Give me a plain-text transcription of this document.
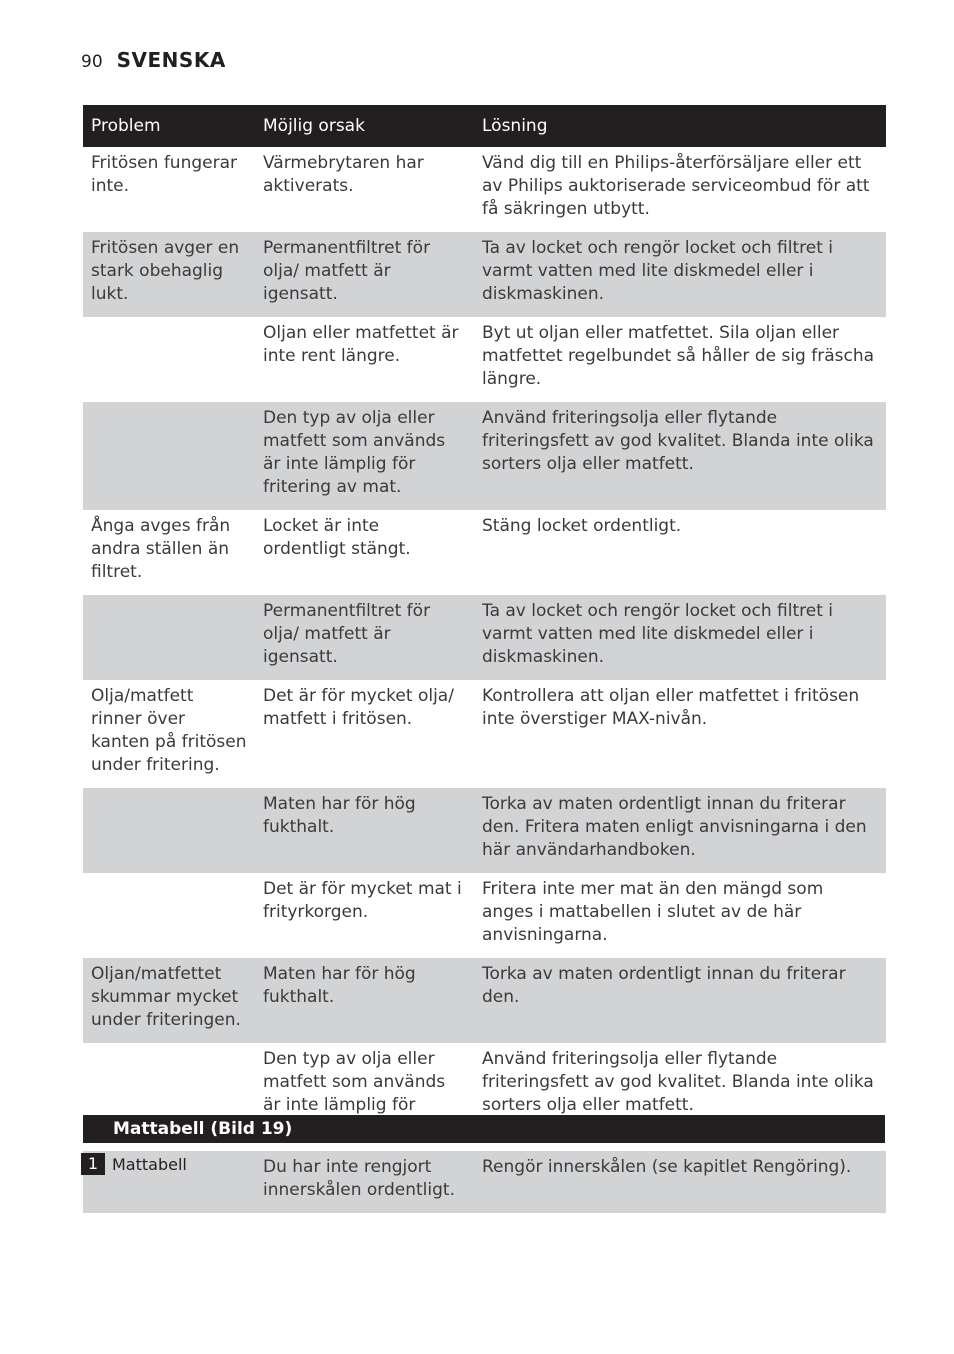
90 SVENSKA
Problem	Möjlig orsak	Lösning
Fritösen fungerar inte.	Värmebrytaren har aktiverats.	Vänd dig till en Philips-återförsäljare eller ett av Philips auktoriserade serviceombud för att få säkringen utbytt.
Fritösen avger en stark obehaglig lukt.	Permanentfiltret för olja/ matfett är igensatt.	Ta av locket och rengör locket och filtret i varmt vatten med lite diskmedel eller i diskmaskinen.
	Oljan eller matfettet är inte rent längre.	Byt ut oljan eller matfettet. Sila oljan eller matfettet regelbundet så håller de sig fräscha längre.
	Den typ av olja eller matfett som används är inte lämplig för fritering av mat.	Använd friteringsolja eller flytande friteringsfett av god kvalitet. Blanda inte olika sorters olja eller matfett.
Ånga avges från andra ställen än filtret.	Locket är inte ordentligt stängt.	Stäng locket ordentligt.
	Permanentfiltret för olja/ matfett är igensatt.	Ta av locket och rengör locket och filtret i varmt vatten med lite diskmedel eller i diskmaskinen.
Olja/matfett rinner över kanten på fritösen under fritering.	Det är för mycket olja/ matfett i fritösen.	Kontrollera att oljan eller matfettet i fritösen inte överstiger MAX-nivån.
	Maten har för hög fukthalt.	Torka av maten ordentligt innan du friterar den. Fritera maten enligt anvisningarna i den här användarhandboken.
	Det är för mycket mat i frityrkorgen.	Fritera inte mer mat än den mängd som anges i mattabellen i slutet av de här anvisningarna.
Oljan/matfettet skummar mycket under friteringen.	Maten har för hög fukthalt.	Torka av maten ordentligt innan du friterar den.
	Den typ av olja eller matfett som används är inte lämplig för	Använd friteringsolja eller flytande friteringsfett av god kvalitet. Blanda inte olika sorters olja eller matfett.
	Du har inte rengjort innerskålen ordentligt.	Rengör innerskålen (se kapitlet Rengöring).
Mattabell (Bild 19)
1 Mattabell
